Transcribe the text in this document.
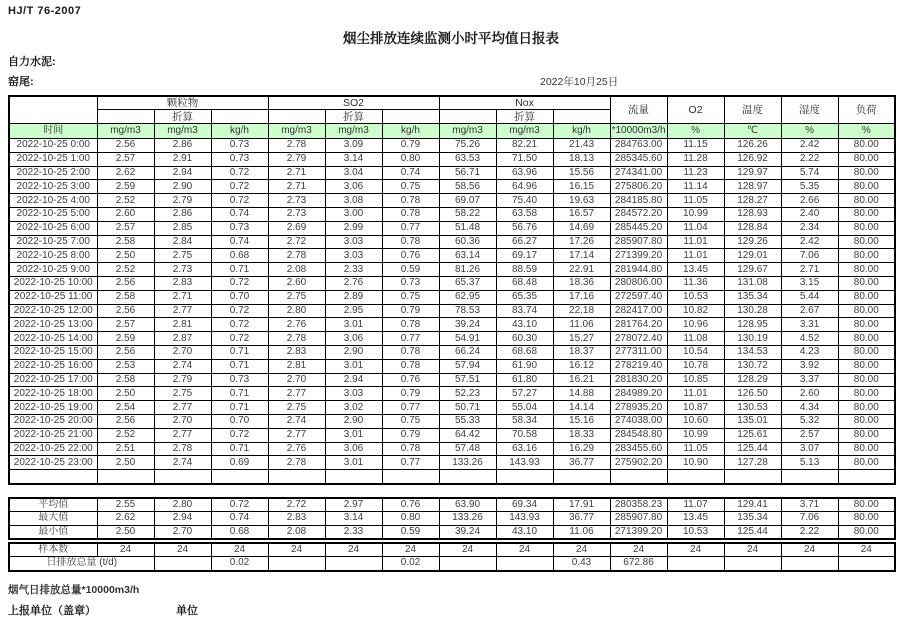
HJ/T 76-2007
烟尘排放连续监测小时平均值日报表
自力水泥:
窑尾:	2022年10月25日
	颗粒物			SO2			Nox			流量	O2	温度	湿度	负荷
		折算			折算			折算						
时间	mg/m3	mg/m3	kg/h	mg/m3	mg/m3	kg/h	mg/m3	mg/m3	kg/h	*10000m3/h	%	℃	%	%
2022-10-25 0:00	2.56	2.86	0.73	2.78	3.09	0.79	75.26	82.21	21.43	284763.00	11.15	126.26	2.42	80.00
2022-10-25 1:00	2.57	2.91	0.73	2.79	3.14	0.80	63.53	71.50	18.13	285345.60	11.28	126.92	2.22	80.00
2022-10-25 2:00	2.62	2.94	0.72	2.71	3.04	0.74	56.71	63.96	15.56	274341.00	11.23	129.97	5.74	80.00
2022-10-25 3:00	2.59	2.90	0.72	2.71	3.06	0.75	58.56	64.96	16.15	275806.20	11.14	128.97	5.35	80.00
2022-10-25 4:00	2.52	2.79	0.72	2.73	3.08	0.78	69.07	75.40	19.63	284185.80	11.05	128.27	2.66	80.00
2022-10-25 5:00	2.60	2.86	0.74	2.73	3.00	0.78	58.22	63.58	16.57	284572.20	10.99	128.93	2.40	80.00
2022-10-25 6:00	2.57	2.85	0.73	2.69	2.99	0.77	51.48	56.76	14.69	285445.20	11.04	128.84	2.34	80.00
2022-10-25 7:00	2.58	2.84	0.74	2.72	3.03	0.78	60.36	66.27	17.26	285907.80	11.01	129.26	2.42	80.00
2022-10-25 8:00	2.50	2.75	0.68	2.78	3.03	0.76	63.14	69.17	17.14	271399.20	11.01	129.01	7.06	80.00
2022-10-25 9:00	2.52	2.73	0.71	2.08	2.33	0.59	81.26	88.59	22.91	281944.80	13.45	129.67	2.71	80.00
2022-10-25 10:00	2.56	2.83	0.72	2.60	2.76	0.73	65.37	68.48	18.36	280806.00	11.36	131.08	3.15	80.00
2022-10-25 11:00	2.58	2.71	0.70	2.75	2.89	0.75	62.95	65.35	17.16	272597.40	10.53	135.34	5.44	80.00
2022-10-25 12:00	2.56	2.77	0.72	2.80	2.95	0.79	78.53	83.74	22.18	282417.00	10.82	130.28	2.67	80.00
2022-10-25 13:00	2.57	2.81	0.72	2.76	3.01	0.78	39.24	43.10	11.06	281764.20	10.96	128.95	3.31	80.00
2022-10-25 14:00	2.59	2.87	0.72	2.78	3.06	0.77	54.91	60.30	15.27	278072.40	11.08	130.19	4.52	80.00
2022-10-25 15:00	2.56	2.70	0.71	2.83	2.90	0.78	66.24	68.68	18.37	277311.00	10.54	134.53	4.23	80.00
2022-10-25 16:00	2.53	2.74	0.71	2.81	3.01	0.78	57.94	61.90	16.12	278219.40	10.78	130.72	3.92	80.00
2022-10-25 17:00	2.58	2.79	0.73	2.70	2.94	0.76	57.51	61.80	16.21	281830.20	10.85	128.29	3.37	80.00
2022-10-25 18:00	2.50	2.75	0.71	2.77	3.03	0.79	52.23	57.27	14.88	284989.20	11.01	126.50	2.60	80.00
2022-10-25 19:00	2.54	2.77	0.71	2.75	3.02	0.77	50.71	55.04	14.14	278935.20	10.87	130.53	4.34	80.00
2022-10-25 20:00	2.56	2.70	0.70	2.74	2.90	0.75	55.33	58.34	15.16	274038.00	10.60	135.01	5.32	80.00
2022-10-25 21:00	2.52	2.77	0.72	2.77	3.01	0.79	64.42	70.58	18.33	284548.80	10.99	125.61	2.57	80.00
2022-10-25 22:00	2.51	2.78	0.71	2.76	3.06	0.78	57.48	63.16	16.29	283455.60	11.05	125.44	3.07	80.00
2022-10-25 23:00	2.50	2.74	0.69	2.78	3.01	0.77	133.26	143.93	36.77	275902.20	10.90	127.28	5.13	80.00

平均值	2.55	2.80	0.72	2.72	2.97	0.76	63.90	69.34	17.91	280358.23	11.07	129.41	3.71	80.00
最大值	2.62	2.94	0.74	2.83	3.14	0.80	133.26	143.93	36.77	285907.80	13.45	135.34	7.06	80.00
最小值	2.50	2.70	0.68	2.08	2.33	0.59	39.24	43.10	11.06	271399.20	10.53	125.44	2.22	80.00
样本数	24	24	24	24	24	24	24	24	24	24	24	24	24	24
日排放总量 (t/d)			0.02			0.02			0.43	672.86				
烟气日排放总量*10000m3/h
上报单位（盖章）	单位
